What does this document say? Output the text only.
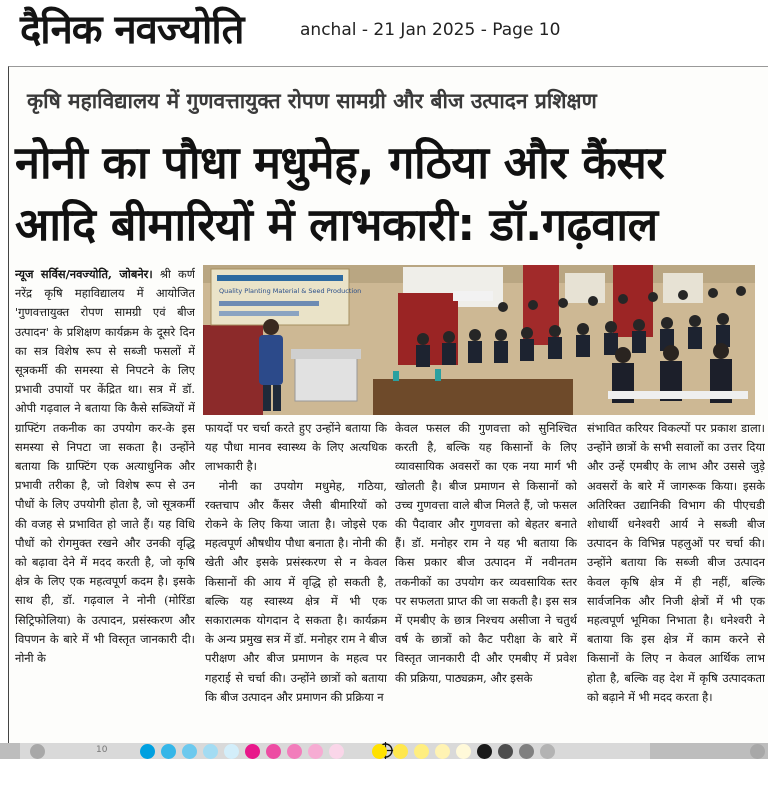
दैनिक नवज्योति	anchal - 21 Jan 2025 - Page 10
कृषि महाविद्यालय में गुणवत्तायुक्त रोपण सामग्री और बीज उत्पादन प्रशिक्षण
नोनी का पौधा मधुमेह, गठिया और कैंसर
आदि बीमारियों में लाभकारी: डॉ.गढ़वाल
Quality Planting Material & Seed Production
न्यूज सर्विस/नवज्योति, जोबनेर। श्री कर्ण नरेंद्र कृषि महाविद्यालय में आयोजित 'गुणवत्तायुक्त रोपण सामग्री एवं बीज उत्पादन' के प्रशिक्षण कार्यक्रम के दूसरे दिन का सत्र विशेष रूप से सब्जी फसलों में सूत्रकर्मी की समस्या से निपटने के लिए प्रभावी उपायों पर केंद्रित था। सत्र में डॉ. ओपी गढ़वाल ने बताया कि कैसे सब्जियों में ग्राफ्टिंग तकनीक का उपयोग कर-के इस समस्या से निपटा जा सकता है। उन्होंने बताया कि ग्राफ्टिंग एक अत्याधुनिक और प्रभावी तरीका है, जो विशेष रूप से उन पौधों के लिए उपयोगी होता है, जो सूत्रकर्मी की वजह से प्रभावित हो जाते हैं। यह विधि पौधों को रोगमुक्त रखने और उनकी वृद्धि को बढ़ावा देने में मदद करती है, जो कृषि क्षेत्र के लिए एक महत्वपूर्ण कदम है। इसके साथ ही, डॉ. गढ़वाल ने नोनी (मोरिंडा सिट्रिफोलिया) के उत्पादन, प्रसंस्करण और विपणन के बारे में भी विस्तृत जानकारी दी। नोनी के
फायदों पर चर्चा करते हुए उन्होंने बताया कि यह पौधा मानव स्वास्थ्य के लिए अत्यधिक लाभकारी है।
नोनी का उपयोग मधुमेह, गठिया, रक्तचाप और कैंसर जैसी बीमारियों को रोकने के लिए किया जाता है। जोइसे एक महत्वपूर्ण औषधीय पौधा बनाता है। नोनी की खेती और इसके प्रसंस्करण से न केवल किसानों की आय में वृद्धि हो सकती है, बल्कि यह स्वास्थ्य क्षेत्र में भी एक सकारात्मक योगदान दे सकता है। कार्यक्रम के अन्य प्रमुख सत्र में डॉ. मनोहर राम ने बीज परीक्षण और बीज प्रमाणन के महत्व पर गहराई से चर्चा की। उन्होंने छात्रों को बताया कि बीज उत्पादन और प्रमाणन की प्रक्रिया न
केवल फसल की गुणवत्ता को सुनिश्चित करती है, बल्कि यह किसानों के लिए व्यावसायिक अवसरों का एक नया मार्ग भी खोलती है। बीज प्रमाणन से किसानों को उच्च गुणवत्ता वाले बीज मिलते हैं, जो फसल की पैदावार और गुणवत्ता को बेहतर बनाते हैं। डॉ. मनोहर राम ने यह भी बताया कि किस प्रकार बीज उत्पादन में नवीनतम तकनीकों का उपयोग कर व्यवसायिक स्तर पर सफलता प्राप्त की जा सकती है। इस सत्र में एमबीए के छात्र निश्चय असीजा ने चतुर्थ वर्ष के छात्रों को कैट परीक्षा के बारे में विस्तृत जानकारी दी और एमबीए में प्रवेश की प्रक्रिया, पाठ्यक्रम, और इसके
संभावित करियर विकल्पों पर प्रकाश डाला। उन्होंने छात्रों के सभी सवालों का उत्तर दिया और उन्हें एमबीए के लाभ और उससे जुड़े अवसरों के बारे में जागरूक किया। इसके अतिरिक्त उद्यानिकी विभाग की पीएचडी शोधार्थी धनेश्वरी आर्य ने सब्जी बीज उत्पादन के विभिन्न पहलुओं पर चर्चा की। उन्होंने बताया कि सब्जी बीज उत्पादन केवल कृषि क्षेत्र में ही नहीं, बल्कि सार्वजनिक और निजी क्षेत्रों में भी एक महत्वपूर्ण भूमिका निभाता है। धनेश्वरी ने बताया कि इस क्षेत्र में काम करने से किसानों के लिए न केवल आर्थिक लाभ होता है, बल्कि वह देश में कृषि उत्पादकता को बढ़ाने में भी मदद करता है।
10
